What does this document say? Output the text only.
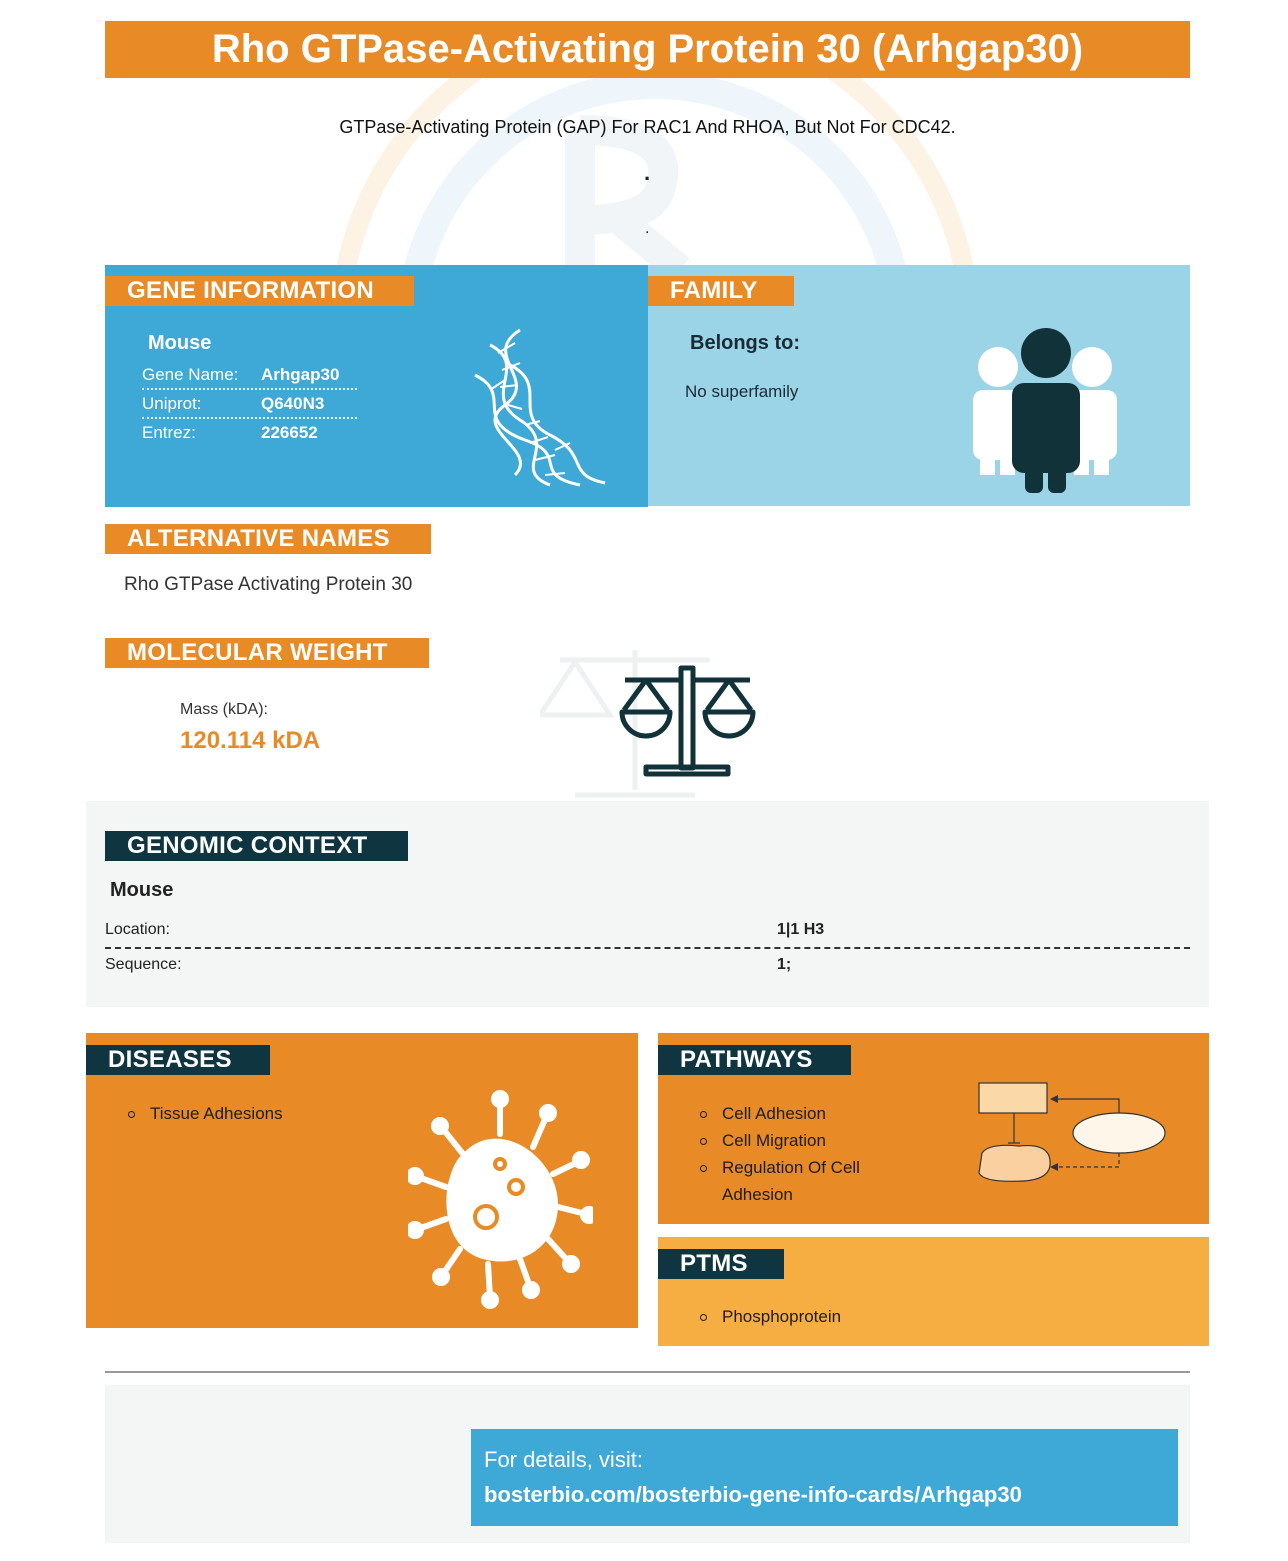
Rho GTPase-Activating Protein 30 (Arhgap30)
GTPase-Activating Protein (GAP) For RAC1 And RHOA, But Not For CDC42.
.
.
GENE INFORMATION
Mouse
Gene Name:	Arhgap30
Uniprot:	Q640N3
Entrez:	226652
FAMILY
Belongs to:
No superfamily
ALTERNATIVE NAMES
Rho GTPase Activating Protein 30
MOLECULAR WEIGHT
Mass (kDA):
120.114 kDA
GENOMIC CONTEXT
Mouse
Location:	1|1 H3
Sequence:	1;
DISEASES
Tissue Adhesions
PATHWAYS
Cell Adhesion
Cell Migration
Regulation Of Cell
Adhesion
PTMS
Phosphoprotein
For details, visit:
bosterbio.com/bosterbio-gene-info-cards/Arhgap30
